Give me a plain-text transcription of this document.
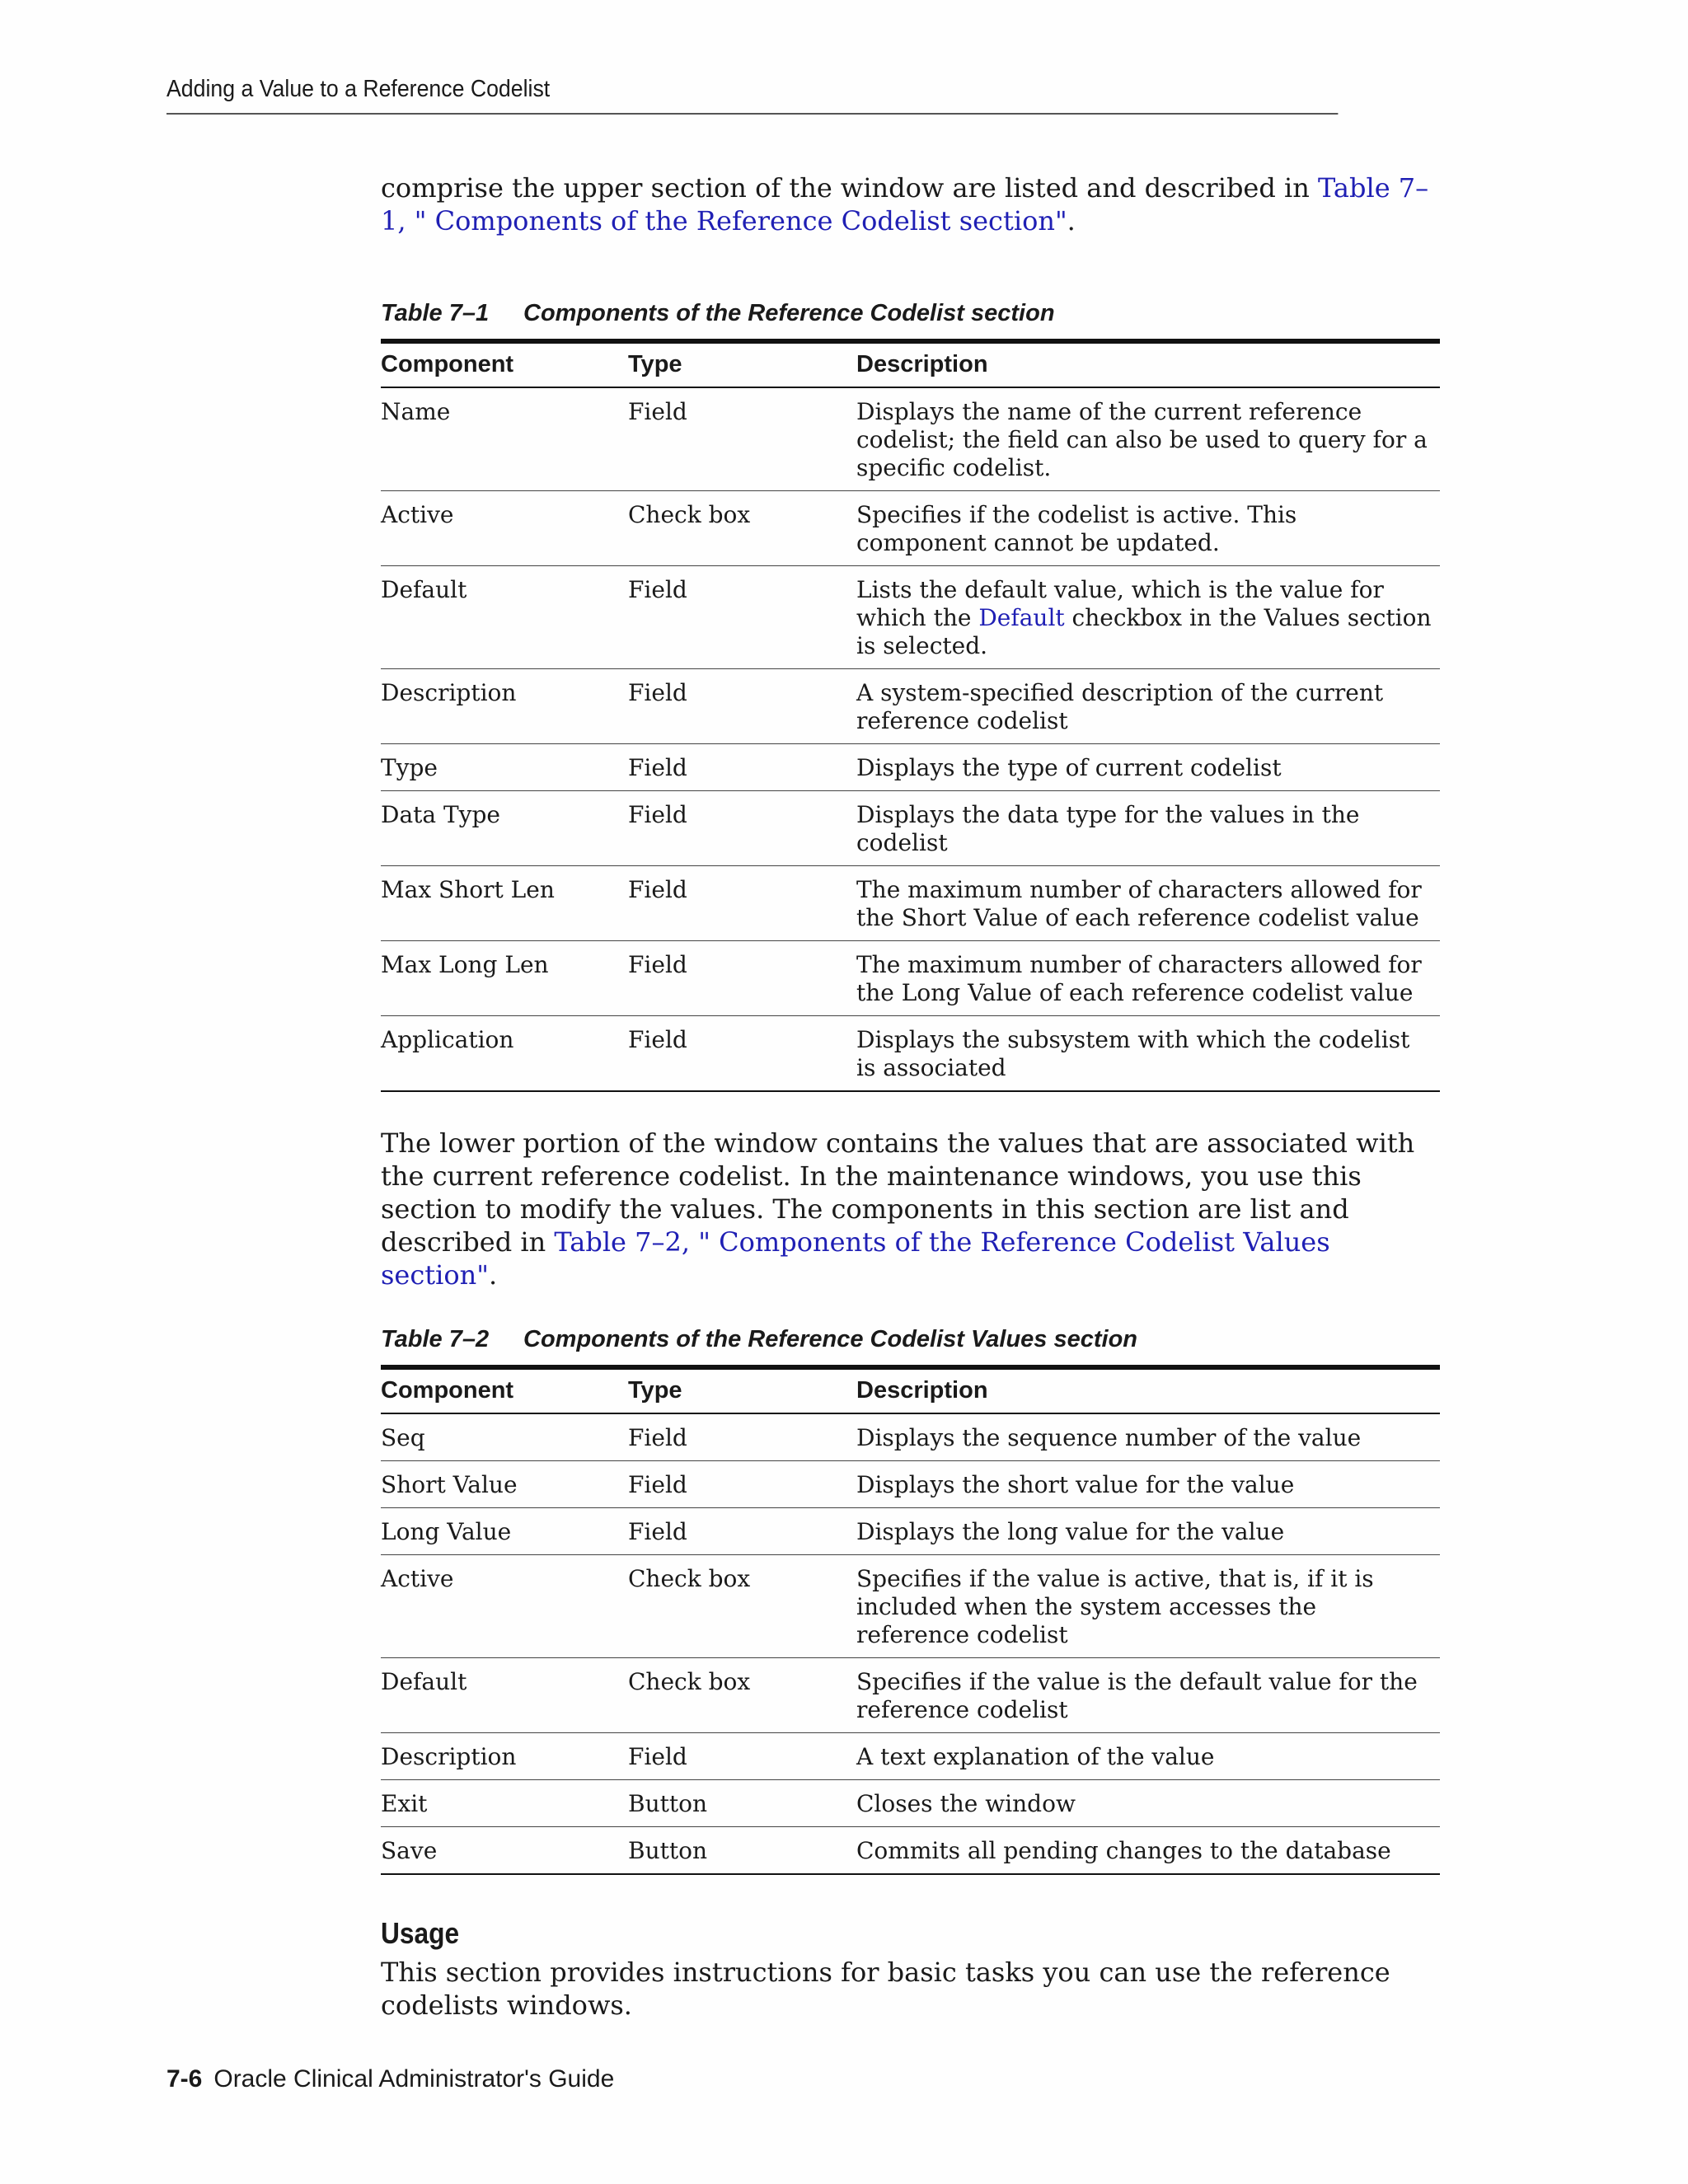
Adding a Value to a Reference Codelist

comprise the upper section of the window are listed and described in Table 7–1, " Components of the Reference Codelist section".

Table 7–1 Components of the Reference Codelist section
Component	Type	Description
Name	Field	Displays the name of the current reference codelist; the field can also be used to query for a specific codelist.
Active	Check box	Specifies if the codelist is active. This component cannot be updated.
Default	Field	Lists the default value, which is the value for which the Default checkbox in the Values section is selected.
Description	Field	A system-specified description of the current reference codelist
Type	Field	Displays the type of current codelist
Data Type	Field	Displays the data type for the values in the codelist
Max Short Len	Field	The maximum number of characters allowed for the Short Value of each reference codelist value
Max Long Len	Field	The maximum number of characters allowed for the Long Value of each reference codelist value
Application	Field	Displays the subsystem with which the codelist is associated

The lower portion of the window contains the values that are associated with the current reference codelist. In the maintenance windows, you use this section to modify the values. The components in this section are list and described in Table 7–2, " Components of the Reference Codelist Values section".

Table 7–2 Components of the Reference Codelist Values section
Component	Type	Description
Seq	Field	Displays the sequence number of the value
Short Value	Field	Displays the short value for the value
Long Value	Field	Displays the long value for the value
Active	Check box	Specifies if the value is active, that is, if it is included when the system accesses the reference codelist
Default	Check box	Specifies if the value is the default value for the reference codelist
Description	Field	A text explanation of the value
Exit	Button	Closes the window
Save	Button	Commits all pending changes to the database
Usage

This section provides instructions for basic tasks you can use the reference codelists windows.

7-6 Oracle Clinical Administrator's Guide
